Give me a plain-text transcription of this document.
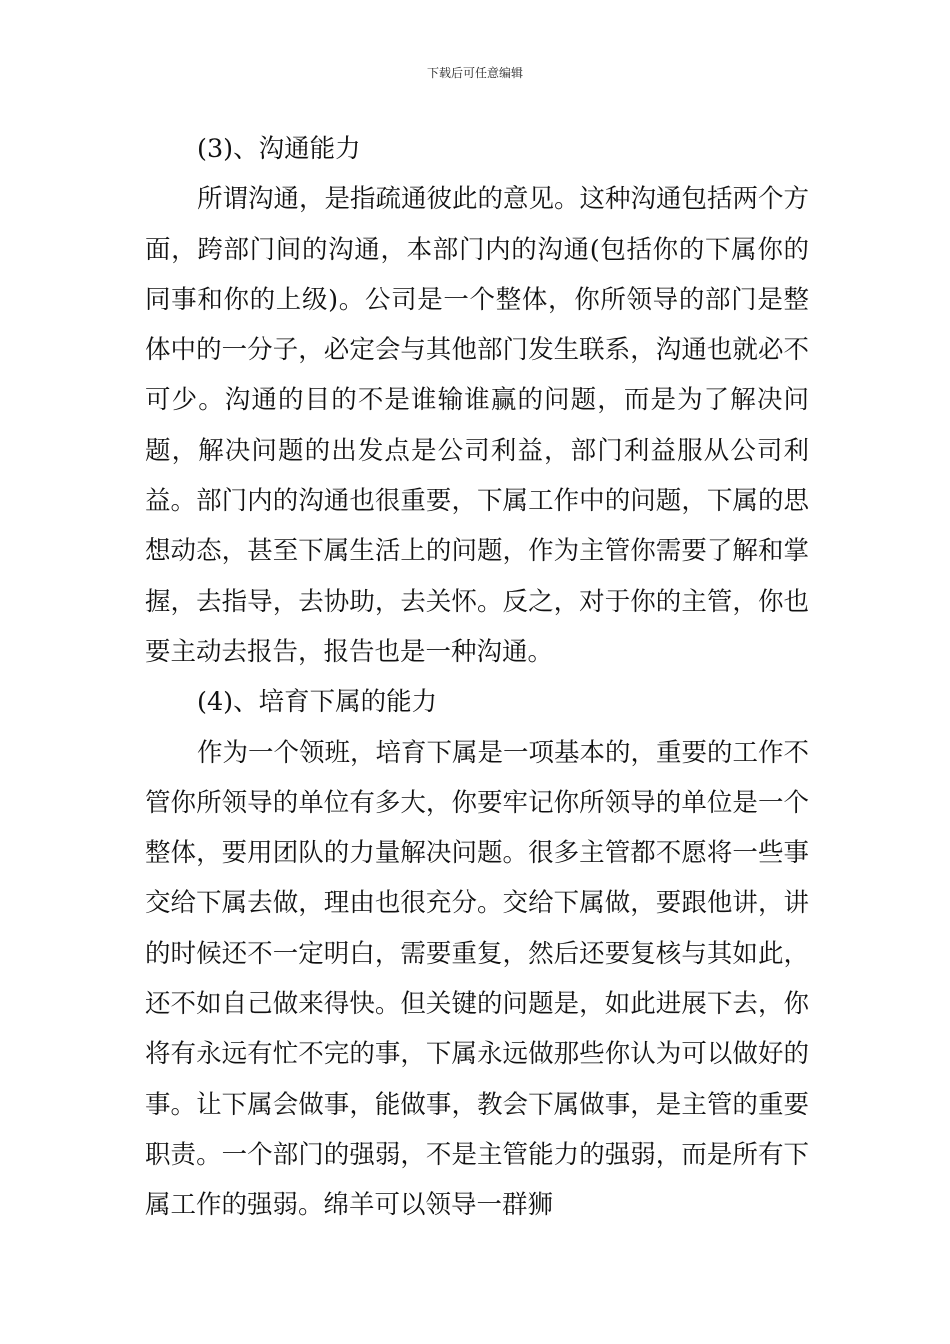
下载后可任意编辑

(3)、沟通能力

所谓沟通，是指疏通彼此的意见。这种沟通包括两个方面，跨部门间的沟通，本部门内的沟通(包括你的下属你的同事和你的上级)。公司是一个整体，你所领导的部门是整体中的一分子，必定会与其他部门发生联系，沟通也就必不可少。沟通的目的不是谁输谁赢的问题，而是为了解决问题，解决问题的出发点是公司利益，部门利益服从公司利益。部门内的沟通也很重要，下属工作中的问题，下属的思想动态，甚至下属生活上的问题，作为主管你需要了解和掌握，去指导，去协助，去关怀。反之，对于你的主管，你也要主动去报告，报告也是一种沟通。

(4)、培育下属的能力

作为一个领班，培育下属是一项基本的，重要的工作不管你所领导的单位有多大，你要牢记你所领导的单位是一个整体，要用团队的力量解决问题。很多主管都不愿将一些事交给下属去做，理由也很充分。交给下属做，要跟他讲，讲的时候还不一定明白，需要重复，然后还要复核与其如此，还不如自己做来得快。但关键的问题是，如此进展下去，你将有永远有忙不完的事，下属永远做那些你认为可以做好的事。让下属会做事，能做事，教会下属做事，是主管的重要职责。一个部门的强弱，不是主管能力的强弱，而是所有下属工作的强弱。绵羊可以领导一群狮
